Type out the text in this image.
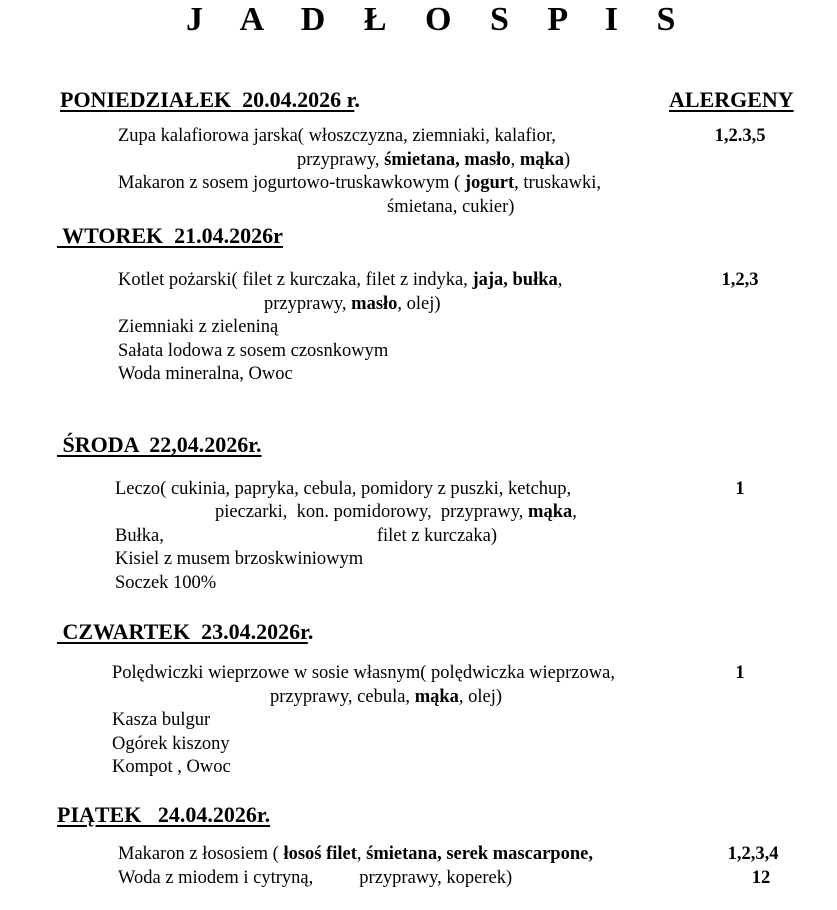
J A D Ł O S P I S
PONIEDZIAŁEK  20.04.2026 r.	ALERGENY
Zupa kalafiorowa jarska( włoszczyzna, ziemniaki, kalafior,	1,2.3,5
przyprawy, śmietana, masło, mąka)
Makaron z sosem jogurtowo-truskawkowym ( jogurt, truskawki,
śmietana, cukier)
WTOREK  21.04.2026r
Kotlet pożarski( filet z kurczaka, filet z indyka, jaja, bułka,	1,2,3
przyprawy, masło, olej)
Ziemniaki z zieleniną
Sałata lodowa z sosem czosnkowym
Woda mineralna, Owoc
ŚRODA  22,04.2026r.
Leczo( cukinia, papryka, cebula, pomidory z puszki, ketchup,	1
pieczarki,  kon. pomidorowy,  przyprawy, mąka,
Bułka,	filet z kurczaka)
Kisiel z musem brzoskwiniowym
Soczek 100%
CZWARTEK  23.04.2026r.
Polędwiczki wieprzowe w sosie własnym( polędwiczka wieprzowa,	1
przyprawy, cebula, mąka, olej)
Kasza bulgur
Ogórek kiszony
Kompot , Owoc
PIĄTEK   24.04.2026r.
Makaron z łososiem ( łosoś filet, śmietana, serek mascarpone,	1,2,3,4
Woda z miodem i cytryną, przyprawy, koperek)	12
